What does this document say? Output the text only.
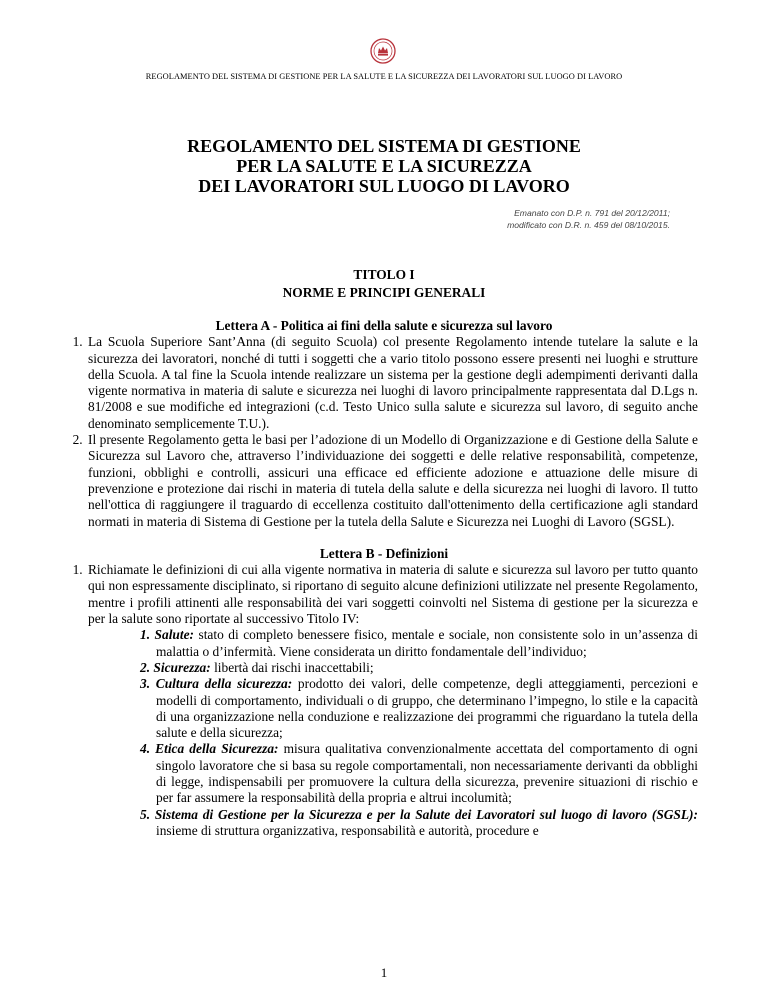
REGOLAMENTO DEL SISTEMA DI GESTIONE PER LA SALUTE E LA SICUREZZA DEI LAVORATORI SUL LUOGO DI LAVORO
REGOLAMENTO DEL SISTEMA DI GESTIONE
PER LA SALUTE E LA SICUREZZA
DEI LAVORATORI SUL LUOGO DI LAVORO
Emanato con D.P. n. 791 del 20/12/2011;
modificato con D.R. n. 459 del 08/10/2015.
TITOLO I
NORME E PRINCIPI GENERALI
Lettera A - Politica ai fini della salute e sicurezza sul lavoro
1. La Scuola Superiore Sant’Anna (di seguito Scuola) col presente Regolamento intende tutelare la salute e la sicurezza dei lavoratori, nonché di tutti i soggetti che a vario titolo possono essere presenti nei luoghi e strutture della Scuola. A tal fine la Scuola intende realizzare un sistema per la gestione degli adempimenti derivanti dalla vigente normativa in materia di salute e sicurezza nei luoghi di lavoro principalmente rappresentata dal D.Lgs n. 81/2008 e sue modifiche ed integrazioni (c.d. Testo Unico sulla salute e sicurezza sul lavoro, di seguito anche denominato semplicemente T.U.).
2. Il presente Regolamento getta le basi per l’adozione di un Modello di Organizzazione e di Gestione della Salute e Sicurezza sul Lavoro che, attraverso l’individuazione dei soggetti e delle relative responsabilità, competenze, funzioni, obblighi e controlli, assicuri una efficace ed efficiente adozione e attuazione delle misure di prevenzione e protezione dai rischi in materia di tutela della salute e della sicurezza nei luoghi di lavoro. Il tutto nell'ottica di raggiungere il traguardo di eccellenza costituito dall'ottenimento della certificazione agli standard normati in materia di Sistema di Gestione per la tutela della Salute e Sicurezza nei Luoghi di Lavoro (SGSL).
Lettera B - Definizioni
1. Richiamate le definizioni di cui alla vigente normativa in materia di salute e sicurezza sul lavoro per tutto quanto qui non espressamente disciplinato, si riportano di seguito alcune definizioni utilizzate nel presente Regolamento, mentre i profili attinenti alle responsabilità dei vari soggetti coinvolti nel Sistema di gestione per la sicurezza e per la salute sono riportate al successivo Titolo IV:
1. Salute: stato di completo benessere fisico, mentale e sociale, non consistente solo in un’assenza di malattia o d’infermità. Viene considerata un diritto fondamentale dell’individuo;
2. Sicurezza: libertà dai rischi inaccettabili;
3. Cultura della sicurezza: prodotto dei valori, delle competenze, degli atteggiamenti, percezioni e modelli di comportamento, individuali o di gruppo, che determinano l’impegno, lo stile e la capacità di una organizzazione nella conduzione e realizzazione dei programmi che riguardano la tutela della salute e della sicurezza;
4. Etica della Sicurezza: misura qualitativa convenzionalmente accettata del comportamento di ogni singolo lavoratore che si basa su regole comportamentali, non necessariamente derivanti da obblighi di legge, indispensabili per promuovere la cultura della sicurezza, prevenire situazioni di rischio e per far assumere la responsabilità della propria e altrui incolumità;
5. Sistema di Gestione per la Sicurezza e per la Salute dei Lavoratori sul luogo di lavoro (SGSL): insieme di struttura organizzativa, responsabilità e autorità, procedure e
1
